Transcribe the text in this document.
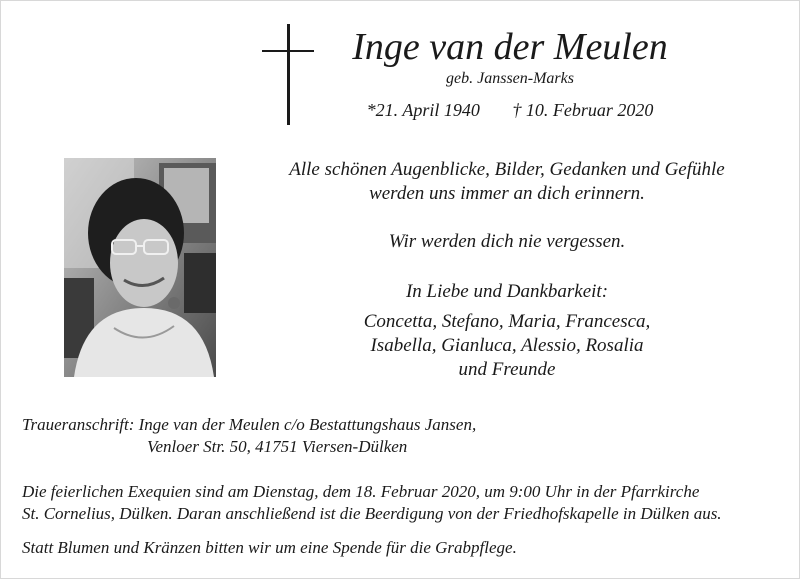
Inge van der Meulen
geb. Janssen-Marks
*21. April 1940 † 10. Februar 2020
Alle schönen Augenblicke, Bilder, Gedanken und Gefühle
werden uns immer an dich erinnern.
Wir werden dich nie vergessen.
In Liebe und Dankbarkeit:
Concetta, Stefano, Maria, Francesca,
Isabella, Gianluca, Alessio, Rosalia
und Freunde
Traueranschrift: Inge van der Meulen c/o Bestattungshaus Jansen,
Venloer Str. 50, 41751 Viersen-Dülken
Die feierlichen Exequien sind am Dienstag, dem 18. Februar 2020, um 9:00 Uhr in der Pfarrkirche
St. Cornelius, Dülken. Daran anschließend ist die Beerdigung von der Friedhofskapelle in Dülken aus.
Statt Blumen und Kränzen bitten wir um eine Spende für die Grabpflege.
